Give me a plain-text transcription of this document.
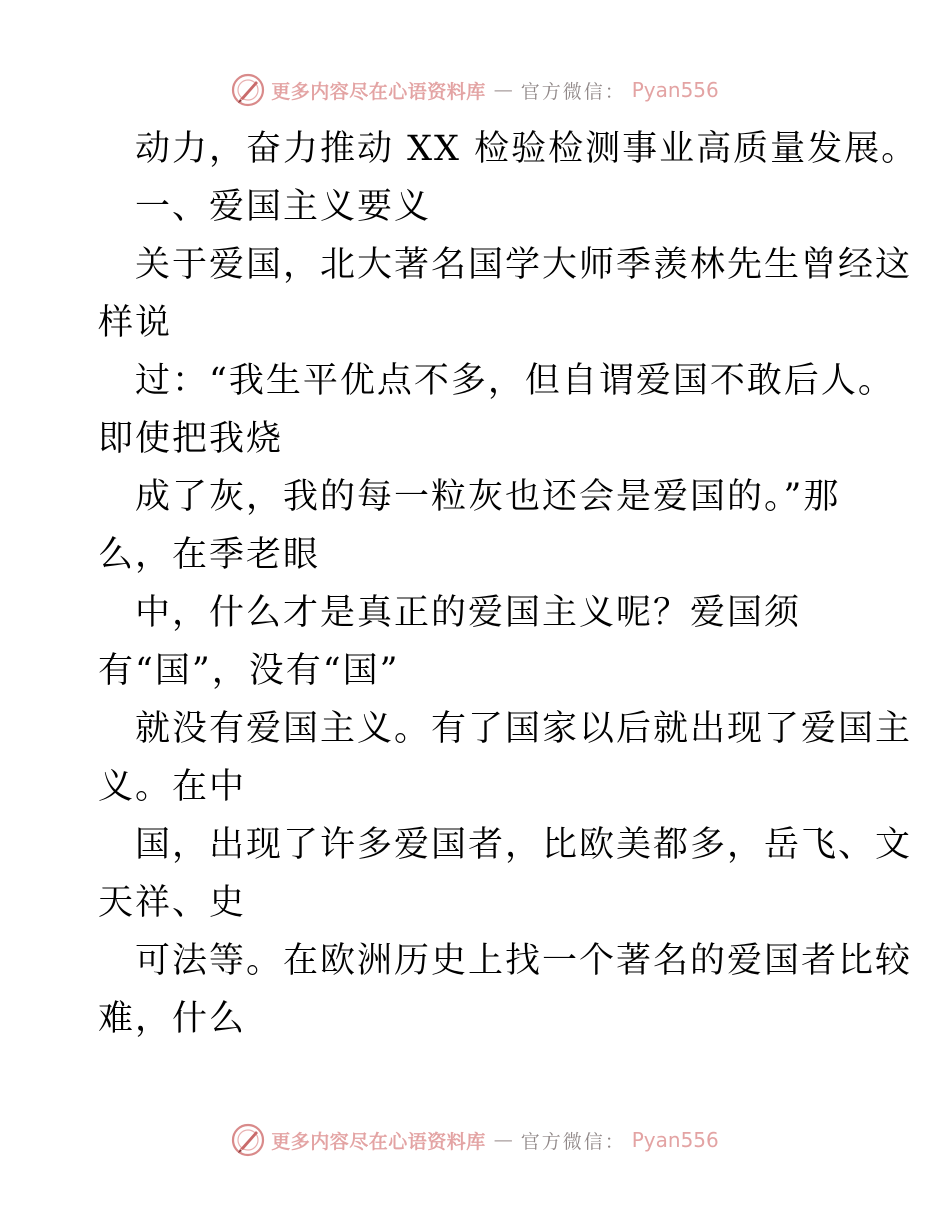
更多内容尽在心语资料库 — 官方微信： Pyan556
动力，奋力推动 XX 检验检测事业高质量发展。
一、爱国主义要义
关于爱国，北大著名国学大师季羡林先生曾经这
样说
过：“我生平优点不多，但自谓爱国不敢后人。
即使把我烧
成了灰，我的每一粒灰也还会是爱国的。”那
么，在季老眼
中，什么才是真正的爱国主义呢？爱国须
有“国”，没有“国”
就没有爱国主义。有了国家以后就出现了爱国主
义。在中
国，出现了许多爱国者，比欧美都多，岳飞、文
天祥、史
可法等。在欧洲历史上找一个著名的爱国者比较
难，什么
更多内容尽在心语资料库 — 官方微信： Pyan556
